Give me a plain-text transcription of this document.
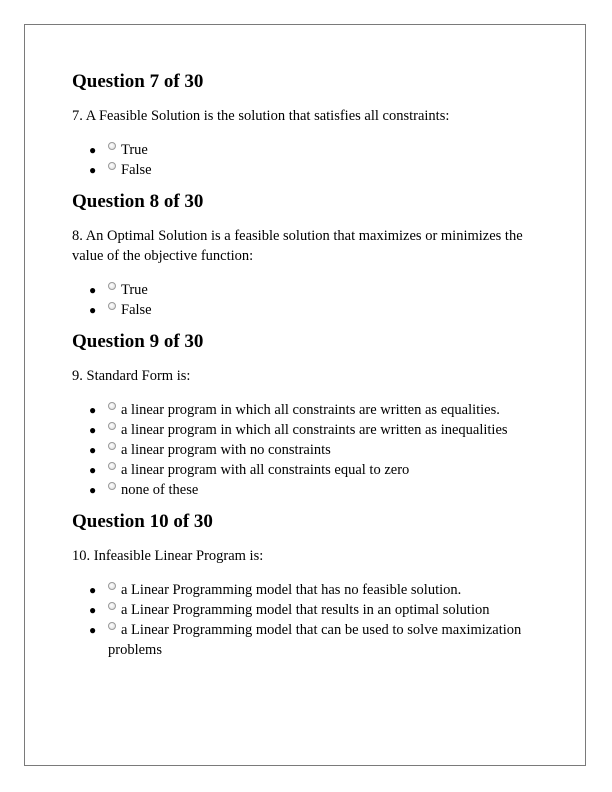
Question 7 of 30

7. A Feasible Solution is the solution that satisfies all constraints:

● True
● False
Question 8 of 30

8. An Optimal Solution is a feasible solution that maximizes or minimizes the value of the objective function:

● True
● False
Question 9 of 30

9. Standard Form is:

● a linear program in which all constraints are written as equalities.
● a linear program in which all constraints are written as inequalities
● a linear program with no constraints
● a linear program with all constraints equal to zero
● none of these
Question 10 of 30

10. Infeasible Linear Program is:

● a Linear Programming model that has no feasible solution.
● a Linear Programming model that results in an optimal solution
● a Linear Programming model that can be used to solve maximization problems
